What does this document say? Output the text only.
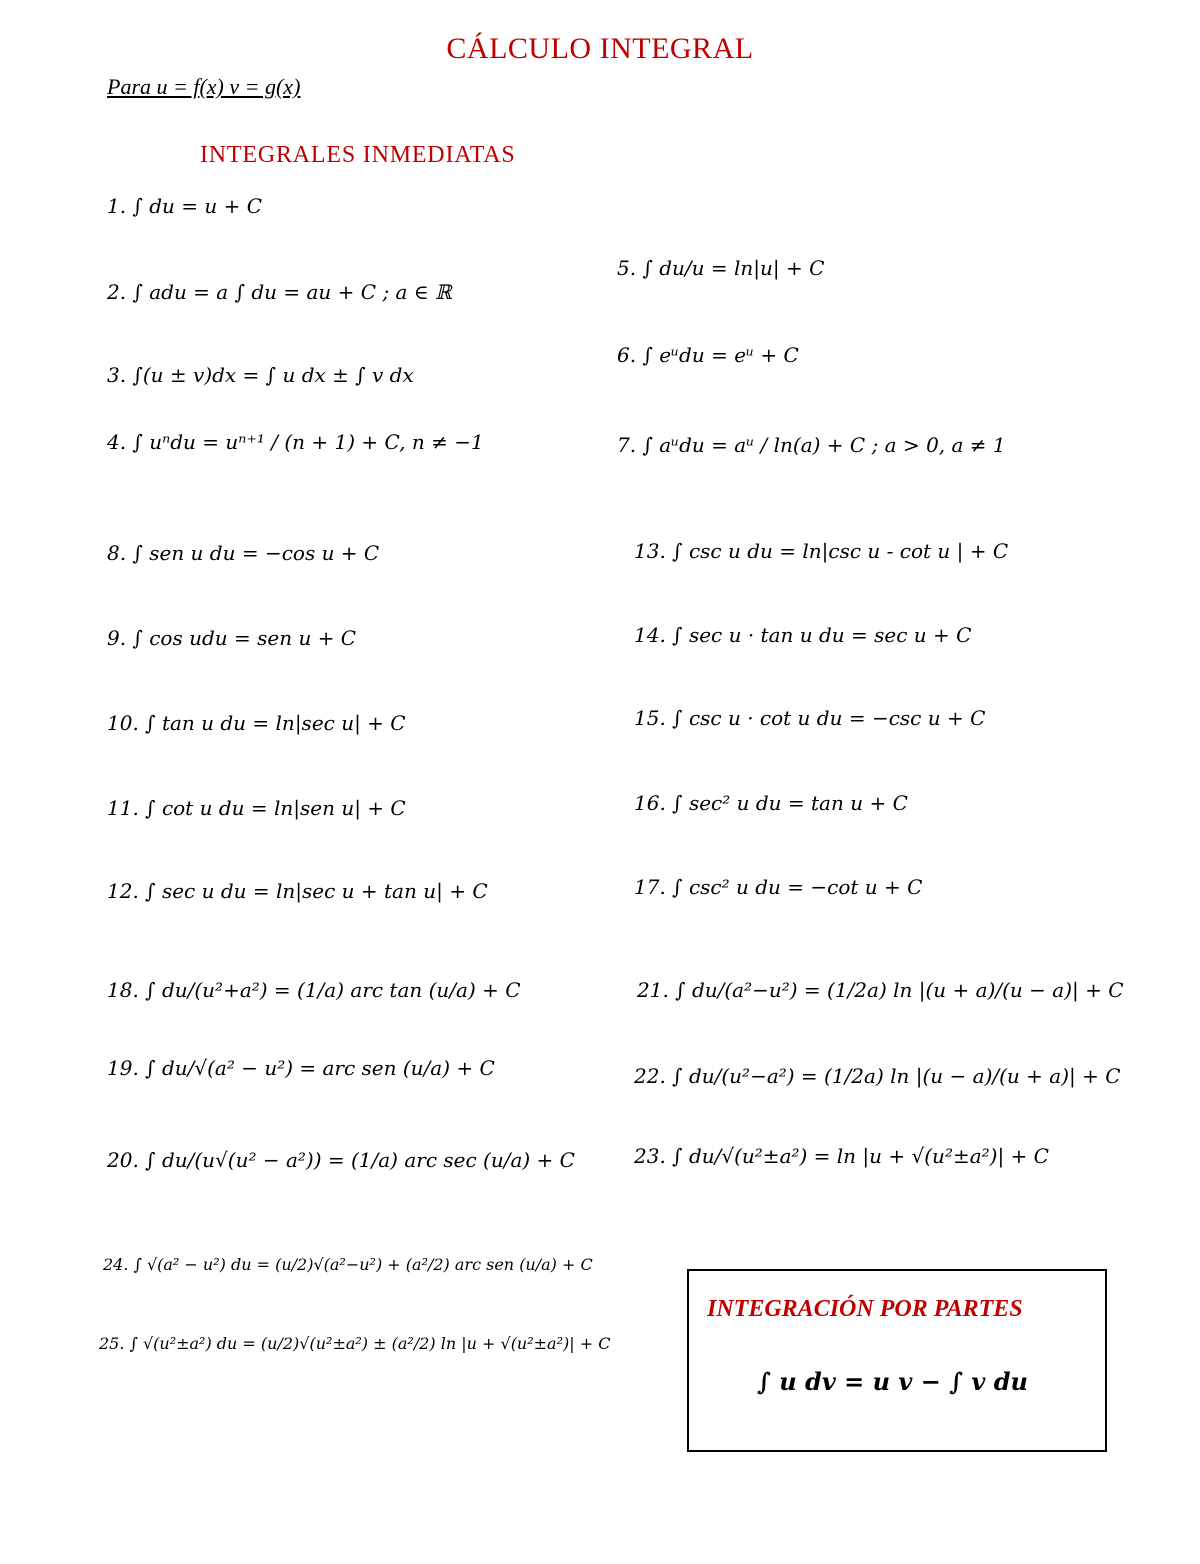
CÁLCULO INTEGRAL
Para u = f(x) v = g(x)
INTEGRALES INMEDIATAS
1. ∫ du = u + C
2. ∫ adu = a ∫ du = au + C ; a ∈ ℝ
3. ∫(u ± v)dx = ∫ u dx ± ∫ v dx
4. ∫ uⁿdu = uⁿ⁺¹ / (n + 1) + C, n ≠ −1
5. ∫ du/u = ln|u| + C
6. ∫ eᵘdu = eᵘ + C
7. ∫ aᵘdu = aᵘ / ln(a) + C ; a > 0, a ≠ 1
8. ∫ sen u du = −cos u + C
9. ∫ cos udu = sen u + C
10. ∫ tan u du = ln|sec u| + C
11. ∫ cot u du = ln|sen u| + C
12. ∫ sec u du = ln|sec u + tan u| + C
13. ∫ csc u du = ln|csc u - cot u | + C
14. ∫ sec u · tan u du = sec u + C
15. ∫ csc u · cot u du = −csc u + C
16. ∫ sec² u du = tan u + C
17. ∫ csc² u du = −cot u + C
18. ∫ du/(u²+a²) = (1/a) arc tan (u/a) + C
19. ∫ du/√(a² − u²) = arc sen (u/a) + C
20. ∫ du/(u√(u² − a²)) = (1/a) arc sec (u/a) + C
21. ∫ du/(a²−u²) = (1/2a) ln |(u + a)/(u − a)| + C
22. ∫ du/(u²−a²) = (1/2a) ln |(u − a)/(u + a)| + C
23. ∫ du/√(u²±a²) = ln |u + √(u²±a²)| + C
24. ∫ √(a² − u²) du = (u/2)√(a²−u²) + (a²/2) arc sen (u/a) + C
25. ∫ √(u²±a²) du = (u/2)√(u²±a²) ± (a²/2) ln |u + √(u²±a²)| + C
INTEGRACIÓN POR PARTES
∫ u dv = u v − ∫ v du
